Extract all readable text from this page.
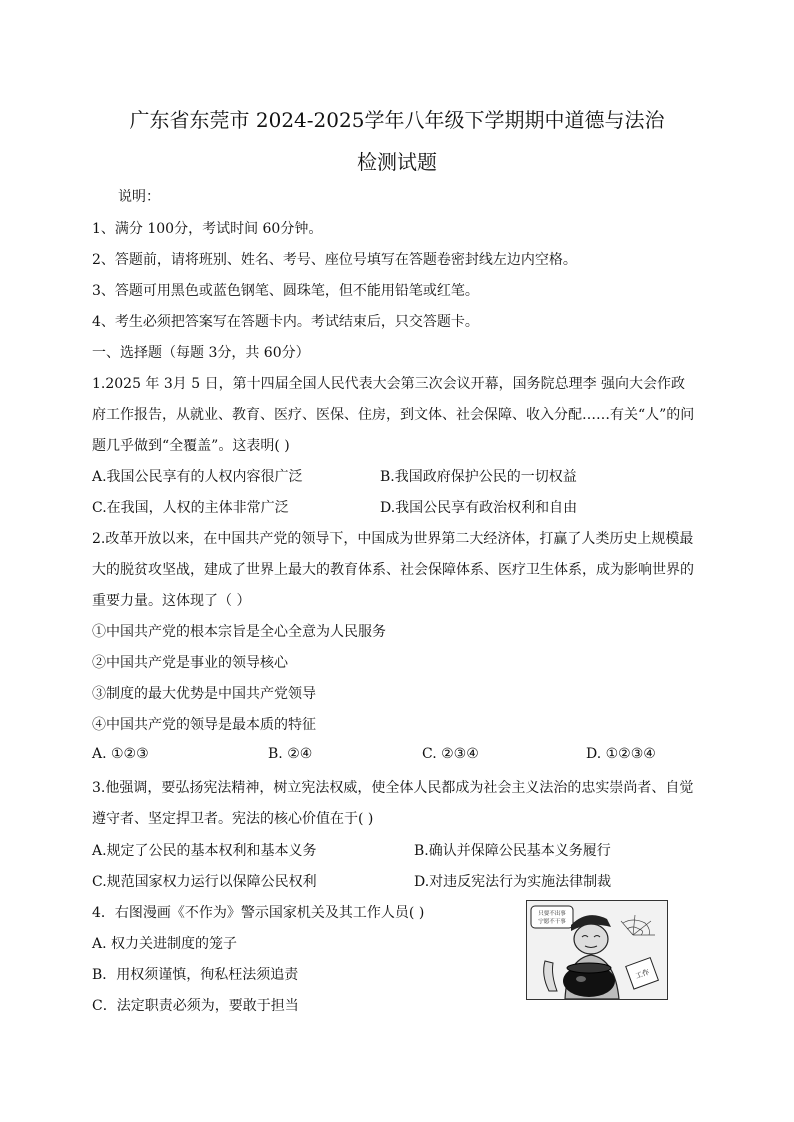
广东省东莞市 2024-2025学年八年级下学期期中道德与法治
检测试题
说明：
1、满分 100分，考试时间 60分钟。
2、答题前，请将班别、姓名、考号、座位号填写在答题卷密封线左边内空格。
3、答题可用黑色或蓝色钢笔、圆珠笔，但不能用铅笔或红笔。
4、考生必须把答案写在答题卡内。考试结束后，只交答题卡。
一、选择题（每题 3分，共 60分）
1.2025 年 3月 5 日，第十四届全国人民代表大会第三次会议开幕，国务院总理李 强向大会作政
府工作报告，从就业、教育、医疗、医保、住房，到文体、社会保障、收入分配……有关“人”的问
题几乎做到“全覆盖”。这表明( )
A.我国公民享有的人权内容很广泛	B.我国政府保护公民的一切权益
C.在我国，人权的主体非常广泛	D.我国公民享有政治权利和自由
2.改革开放以来，在中国共产党的领导下，中国成为世界第二大经济体，打赢了人类历史上规模最
大的脱贫攻坚战，建成了世界上最大的教育体系、社会保障体系、医疗卫生体系，成为影响世界的
重要力量。这体现了（ ）
①中国共产党的根本宗旨是全心全意为人民服务
②中国共产党是事业的领导核心
③制度的最大优势是中国共产党领导
④中国共产党的领导是最本质的特征
A. ①②③	B. ②④	C. ②③④	D. ①②③④
3.他强调，要弘扬宪法精神，树立宪法权威，使全体人民都成为社会主义法治的忠实崇尚者、自觉
遵守者、坚定捍卫者。宪法的核心价值在于( )
A.规定了公民的基本权利和基本义务	B.确认并保障公民基本义务履行
C.规范国家权力运行以保障公民权利	D.对违反宪法行为实施法律制裁
4．右图漫画《不作为》警示国家机关及其工作人员( )
A. 权力关进制度的笼子
B．用权须谨慎，徇私枉法须追责
C．法定职责必须为，要敢于担当
只要不出事
宁愿不干事
工作
